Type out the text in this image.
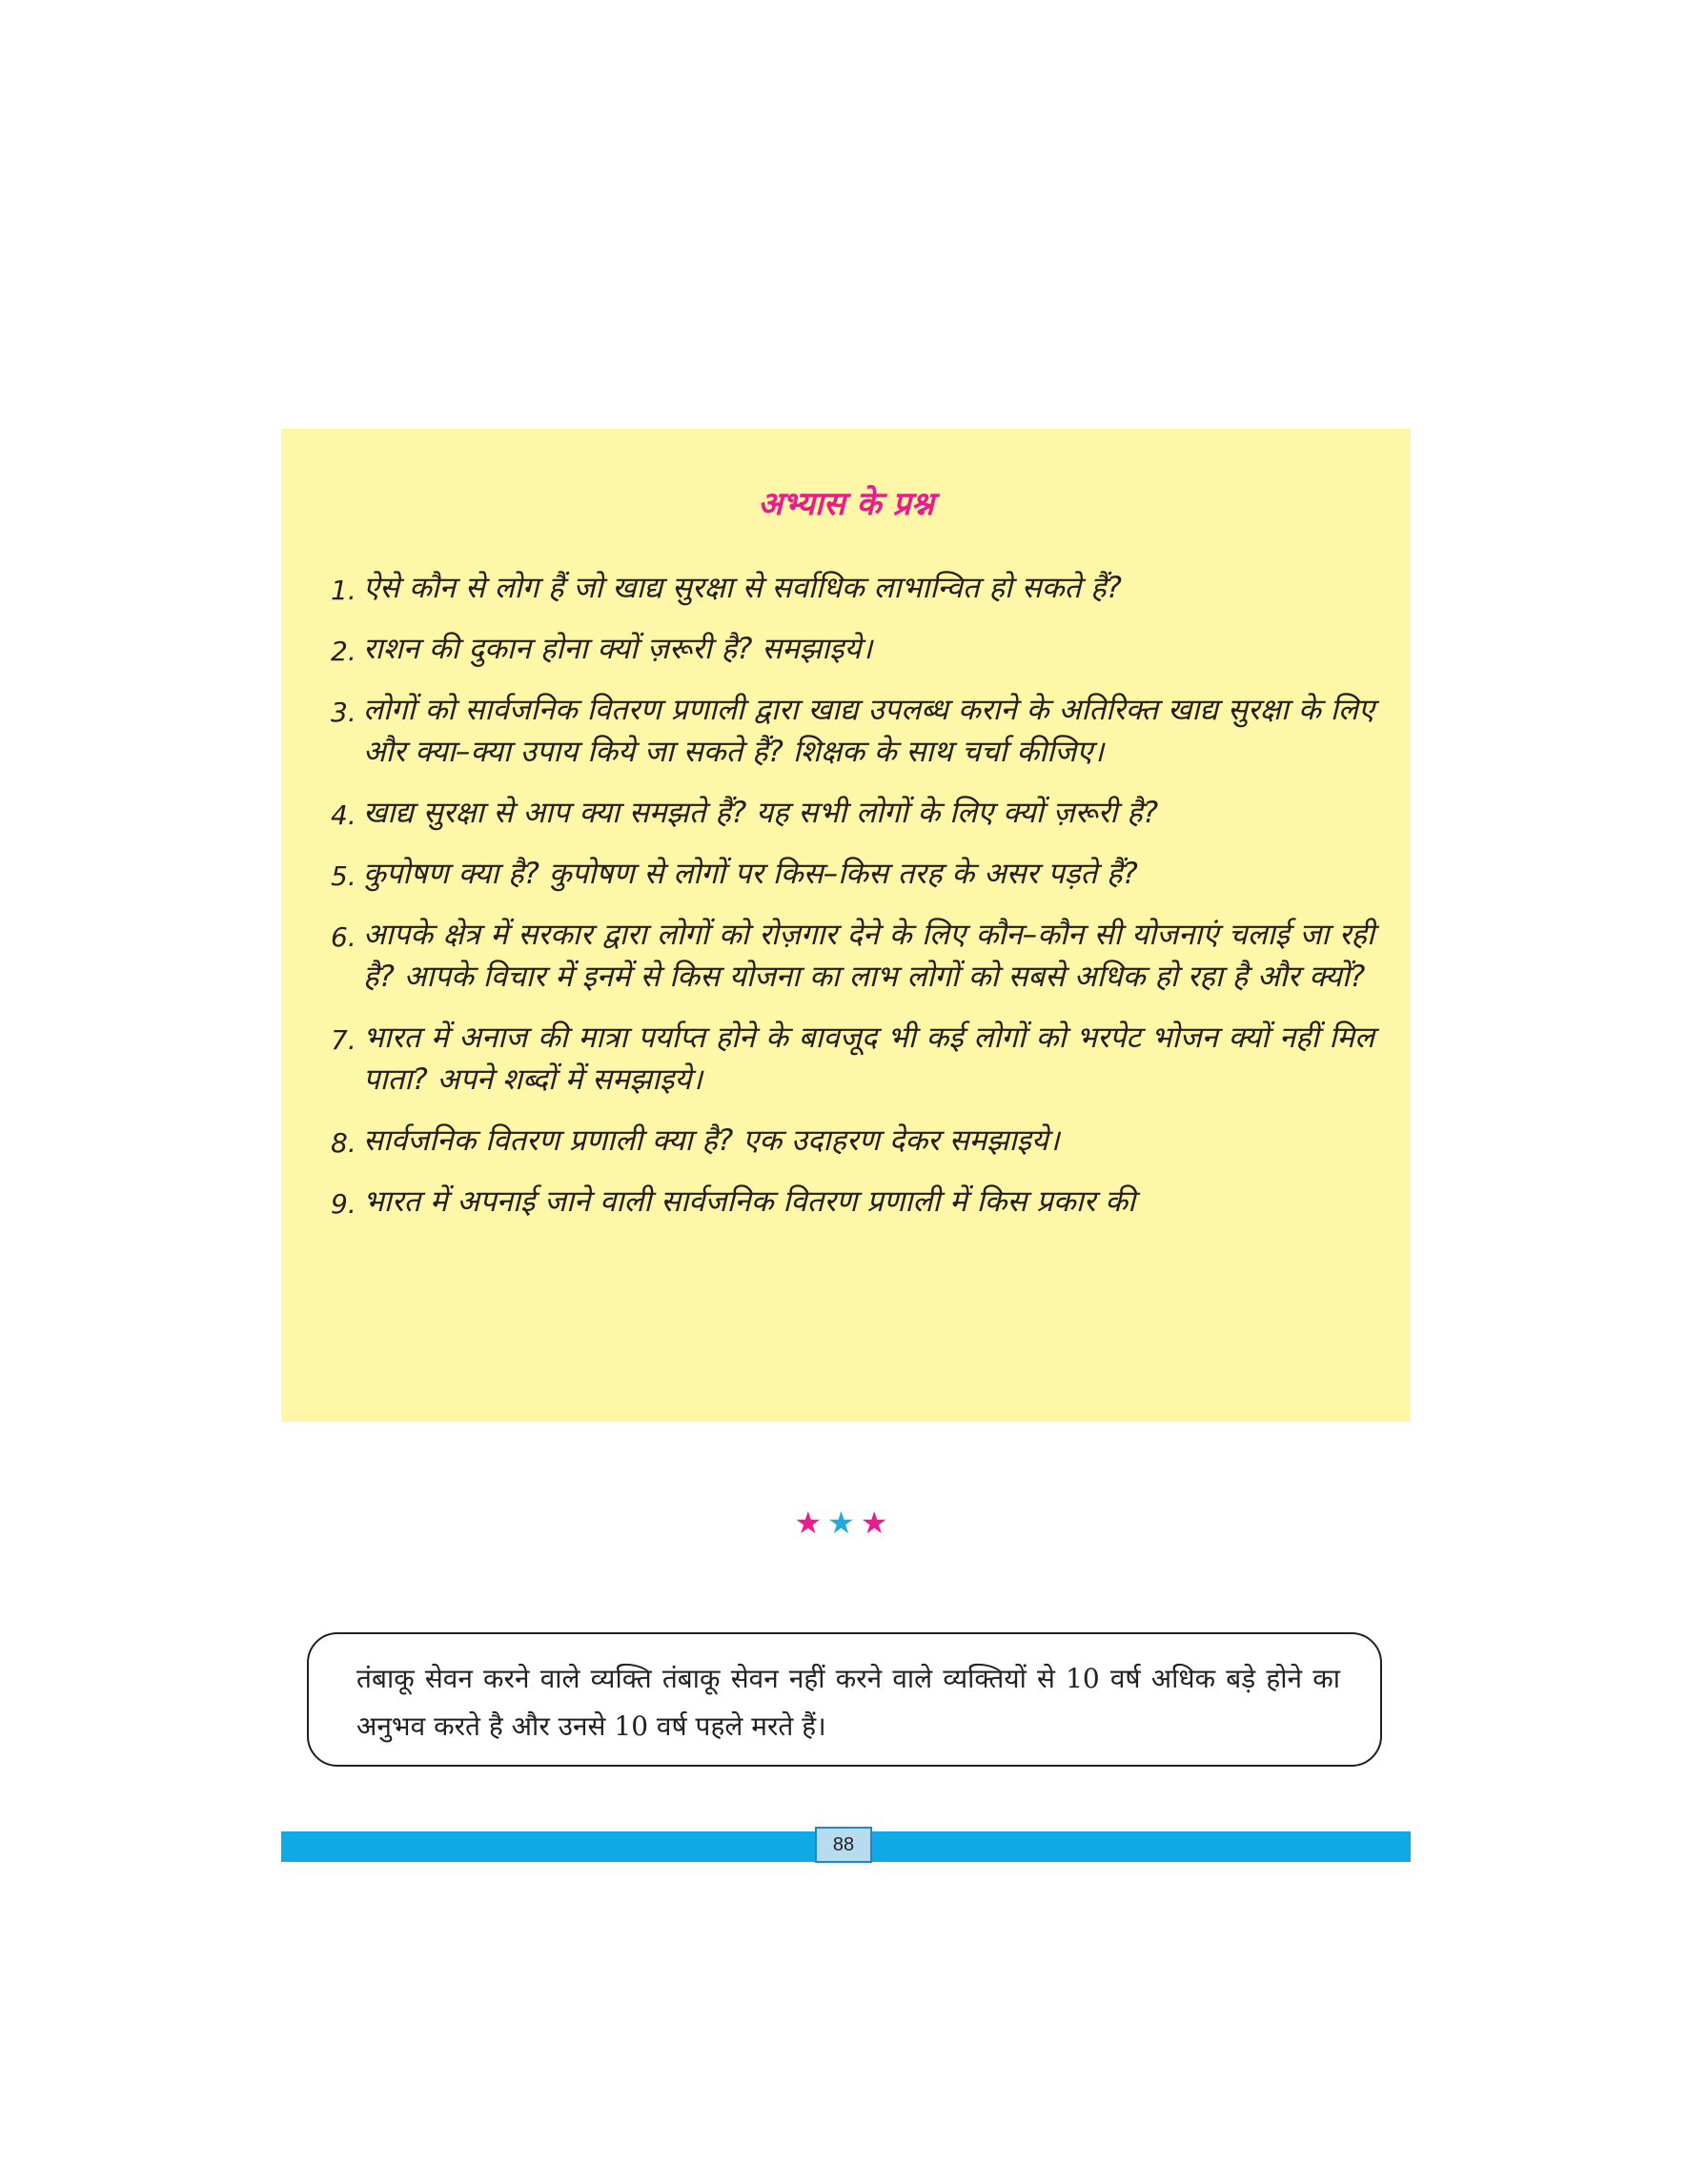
अभ्यास के प्रश्न
1. ऐसे कौन से लोग हैं जो खाद्य सुरक्षा से सर्वाधिक लाभान्वित हो सकते हैं?
2. राशन की दुकान होना क्यों ज़रूरी है? समझाइये।
3. लोगों को सार्वजनिक वितरण प्रणाली द्वारा खाद्य उपलब्ध कराने के अतिरिक्त खाद्य सुरक्षा के लिए और क्या–क्या उपाय किये जा सकते हैं? शिक्षक के साथ चर्चा कीजिए।
4. खाद्य सुरक्षा से आप क्या समझते हैं? यह सभी लोगों के लिए क्यों ज़रूरी है?
5. कुपोषण क्या है? कुपोषण से लोगों पर किस–किस तरह के असर पड़ते हैं?
6. आपके क्षेत्र में सरकार द्वारा लोगों को रोज़गार देने के लिए कौन–कौन सी योजनाएं चलाई जा रही है? आपके विचार में इनमें से किस योजना का लाभ लोगों को सबसे अधिक हो रहा है और क्यों?
7. भारत में अनाज की मात्रा पर्याप्त होने के बावजूद भी कई लोगों को भरपेट भोजन क्यों नहीं मिल पाता? अपने शब्दों में समझाइये।
8. सार्वजनिक वितरण प्रणाली क्या है? एक उदाहरण देकर समझाइये।
9. भारत में अपनाई जाने वाली सार्वजनिक वितरण प्रणाली में किस प्रकार की
★★★
तंबाकू सेवन करने वाले व्यक्ति तंबाकू सेवन नहीं करने वाले व्यक्तियों से 10 वर्ष अधिक बड़े होने का अनुभव करते है और उनसे 10 वर्ष पहले मरते हैं।
88
